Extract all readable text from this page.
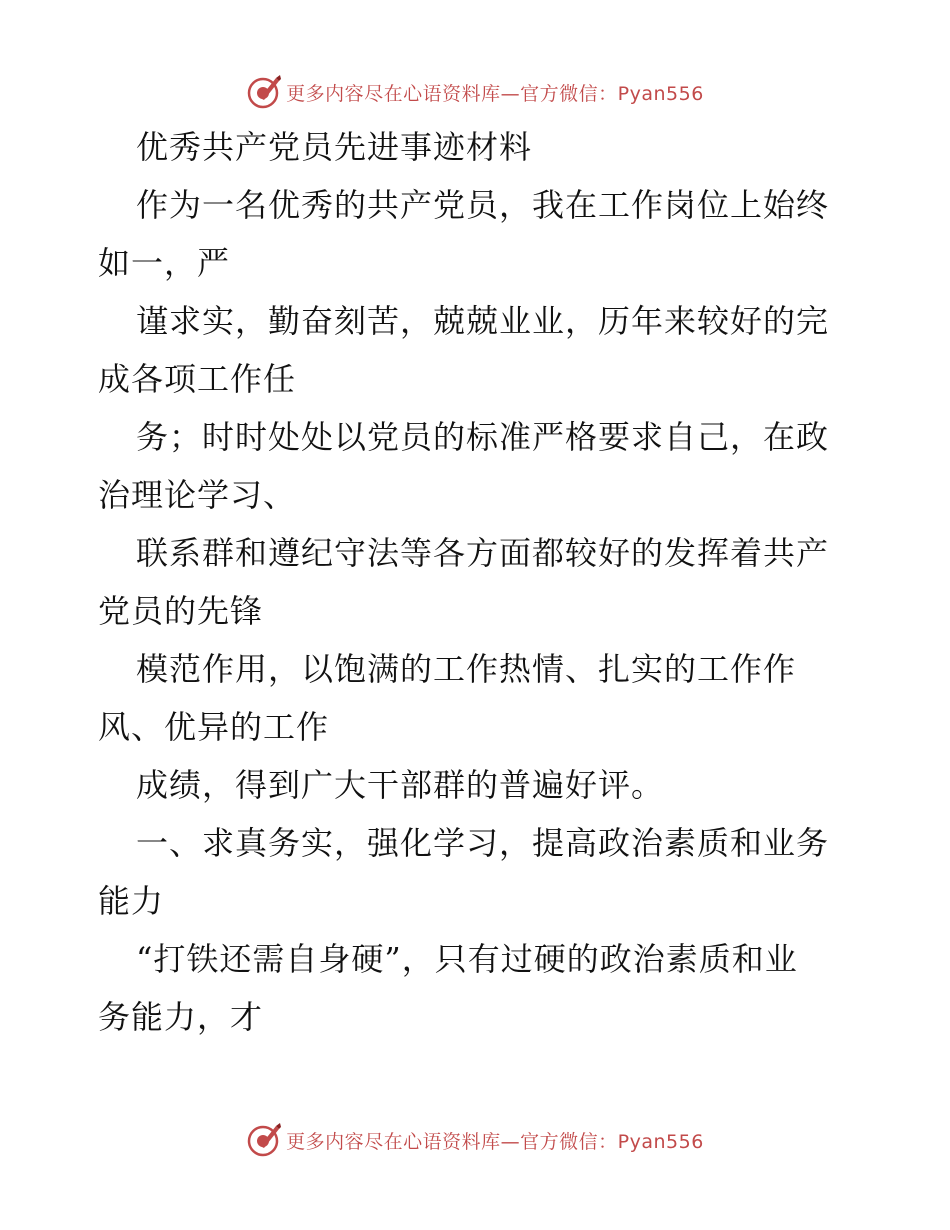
更多内容尽在心语资料库—官方微信：Pyan556
优秀共产党员先进事迹材料
作为一名优秀的共产党员，我在工作岗位上始终
如一，严
谨求实，勤奋刻苦，兢兢业业，历年来较好的完
成各项工作任
务；时时处处以党员的标准严格要求自己，在政
治理论学习、
联系群和遵纪守法等各方面都较好的发挥着共产
党员的先锋
模范作用，以饱满的工作热情、扎实的工作作
风、优异的工作
成绩，得到广大干部群的普遍好评。
一、求真务实，强化学习，提高政治素质和业务
能力
“打铁还需自身硬”，只有过硬的政治素质和业
务能力，才
更多内容尽在心语资料库—官方微信：Pyan556
